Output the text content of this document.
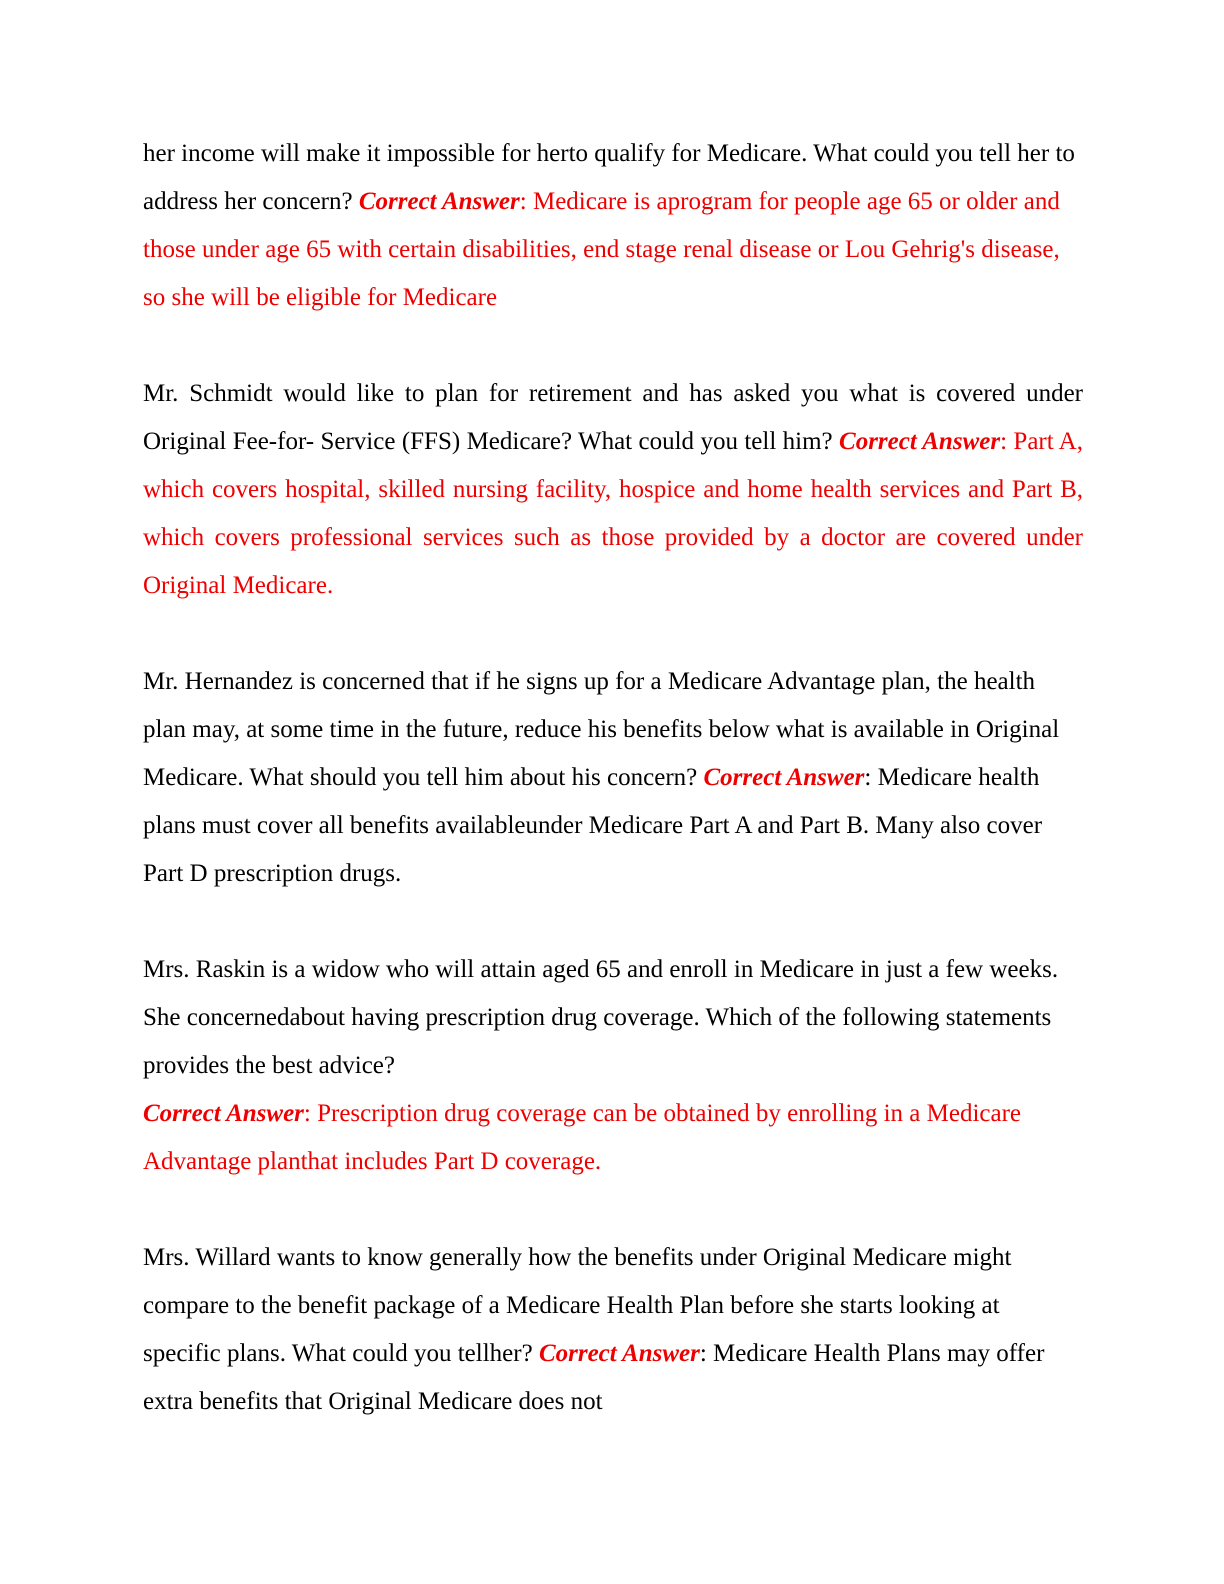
her income will make it impossible for herto qualify for Medicare. What could you tell her to address her concern? Correct Answer: Medicare is aprogram for people age 65 or older and those under age 65 with certain disabilities, end stage renal disease or Lou Gehrig's disease, so she will be eligible for Medicare

Mr. Schmidt would like to plan for retirement and has asked you what is covered under Original Fee-for- Service (FFS) Medicare? What could you tell him? Correct Answer: Part A, which covers hospital, skilled nursing facility, hospice and home health services and Part B, which covers professional services such as those provided by a doctor are covered under Original Medicare.

Mr. Hernandez is concerned that if he signs up for a Medicare Advantage plan, the health plan may, at some time in the future, reduce his benefits below what is available in Original Medicare. What should you tell him about his concern? Correct Answer: Medicare health plans must cover all benefits availableunder Medicare Part A and Part B. Many also cover Part D prescription drugs.

Mrs. Raskin is a widow who will attain aged 65 and enroll in Medicare in just a few weeks. She concernedabout having prescription drug coverage. Which of the following statements provides the best advice?
Correct Answer: Prescription drug coverage can be obtained by enrolling in a Medicare Advantage planthat includes Part D coverage.

Mrs. Willard wants to know generally how the benefits under Original Medicare might compare to the benefit package of a Medicare Health Plan before she starts looking at specific plans. What could you tellher? Correct Answer: Medicare Health Plans may offer extra benefits that Original Medicare does not
